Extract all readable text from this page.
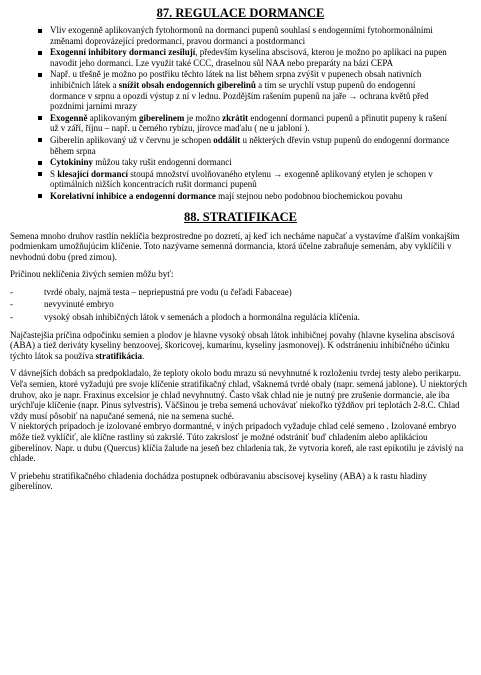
87. REGULACE DORMANCE
Vliv exogenně aplikovaných fytohormonů na dormanci pupenů souhlasí s endogenními fytohormonálními změnami doprovázející predormanci, pravou dormanci a postdormanci
Exogenní inhibitory dormanci zesilují, především kyselina abscisová, kterou je možno po aplikaci na pupen navodit jeho dormanci. Lze využít také CCC, draselnou sůl NAA nebo preparáty na bázi CEPA
Např. u třešně je možno po postřiku těchto látek na list během srpna zvýšit v pupenech obsah nativních inhibičních látek a snížit obsah endogenních giberelinů a tím se urychlí vstup pupenů do endogenní dormance v srpnu a opozdí výstup z ní v lednu. Pozdějším rašením pupenů na jaře → ochrana květů před pozdními jarními mrazy
Exogenně aplikovaným giberelinem je možno zkrátit endogenní dormanci pupenů a přinutit pupeny k rašení už v září, říjnu – např. u černého rybízu, jírovce maďalu ( ne u jabloní ).
Giberelin aplikovaný už v červnu je schopen oddálit u některých dřevin vstup pupenů do endogenní dormance během srpna
Cytokininy můžou taky rušit endogenní dormanci
S klesající dormancí stoupá množství uvolňovaného etylenu → exogenně aplikovaný etylen je schopen v optimálních nižších koncentracích rušit dormanci pupenů
Korelativní inhibice a endogenní dormance mají stejnou nebo podobnou biochemickou povahu
88. STRATIFIKACE

Semena mnoho druhov rastlín neklíčia bezprostredne po dozretí, aj keď ich necháme napučať a vystavíme ďalším vonkajším podmienkam umožňujúcim klíčenie. Toto nazývame semenná dormancia, ktorá účelne zabraňuje semenám, aby vyklíčili v nevhodnú dobu (pred zimou).

Príčinou neklíčenia živých semien môžu byť:

- tvrdé obaly, najmä testa – nepriepustná pre vodu (u čeľadi Fabaceae)
- nevyvinuté embryo
- vysoký obsah inhibičných látok v semenách a plodoch a hormonálna regulácia klíčenia.

Najčastejšia príčina odpočinku semien a plodov je hlavne vysoký obsah látok inhibičnej povahy (hlavne kyselina abscisová (ABA) a tiež deriváty kyseliny benzoovej, škoricovej, kumarínu, kyseliny jasmonovej). K odstráneniu inhibičného účinku týchto látok sa používa stratifikácia.

V dávnejších dobách sa predpokladalo, že teploty okolo bodu mrazu sú nevyhnutné k rozloženiu tvrdej testy alebo perikarpu. Veľa semien, ktoré vyžadujú pre svoje klíčenie stratifikačný chlad, všaknemá tvrdé obaly (napr. semená jablone). U niektorých druhov, ako je napr. Fraxinus excelsior je chlad nevyhnutný. Často však chlad nie je nutný pre zrušenie dormancie, ale iba urýchľuje klíčenie (napr. Pinus sylvestris). Väčšinou je treba semená uchovávať niekoľko týždňov pri teplotách 2-8.C. Chlad vždy musí pôsobiť na napučané semená, nie na semena suché.

V niektorých prípadoch je izolované embryo dormantné, v iných prípadoch vyžaduje chlad celé semeno . Izolované embryo môže tiež vyklíčiť, ale klíčne rastliny sú zakrslé. Túto zakrslosť je možné odstrániť buď chladením alebo aplikáciou giberelínov. Napr. u dubu (Quercus) klíčia žalude na jeseň bez chladenia tak, že vytvoria koreň, ale rast epikotilu je závislý na chlade.

V priebehu stratifikačného chladenia dochádza postupnek odbúravaniu abscisovej kyseliny (ABA) a k rastu hladiny giberelínov.
